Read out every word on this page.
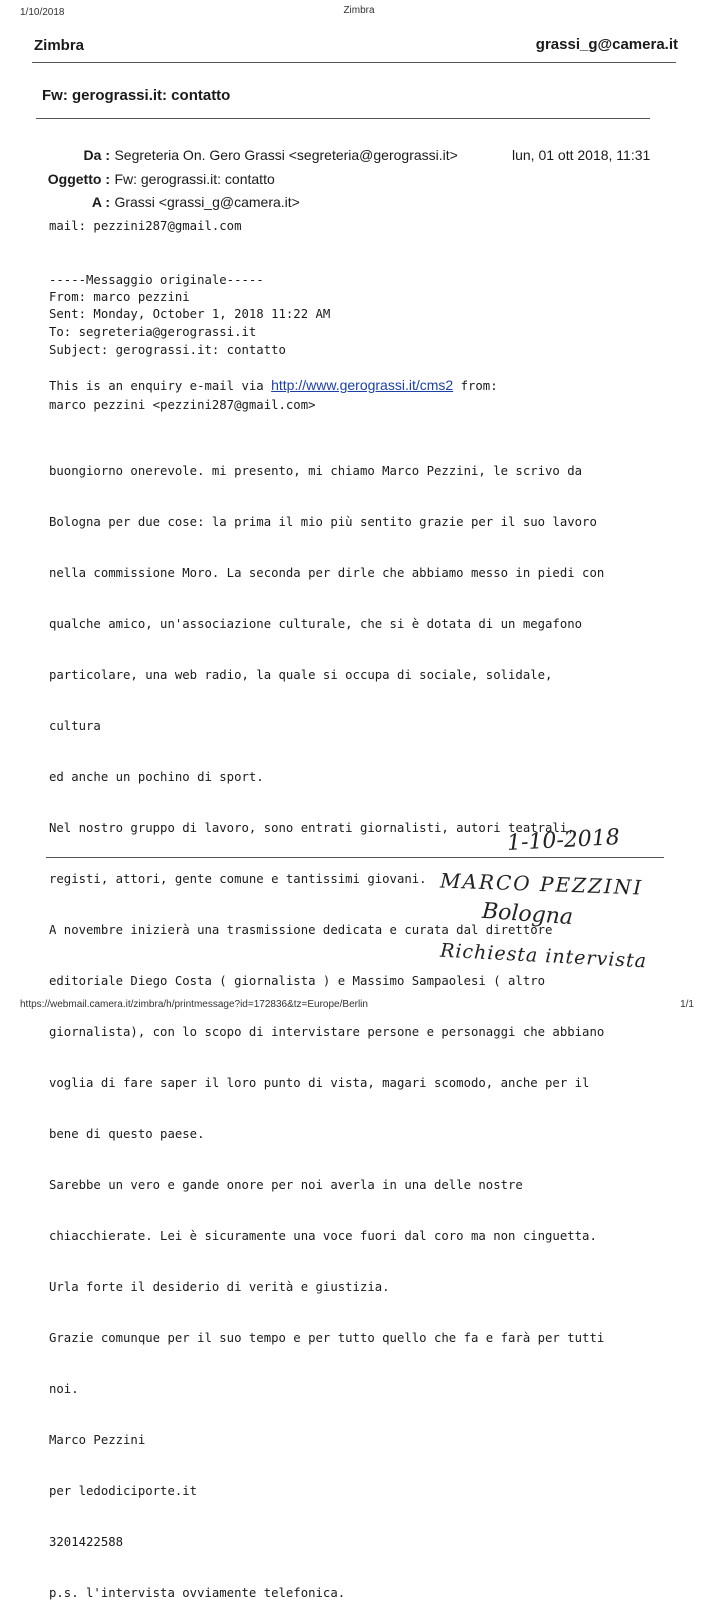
1/10/2018	Zimbra
Zimbra	grassi_g@camera.it
Fw: gerograssi.it: contatto
Da : Segreteria On. Gero Grassi <segreteria@gerograssi.it>	lun, 01 ott 2018, 11:31
Oggetto : Fw: gerograssi.it: contatto
A : Grassi <grassi_g@camera.it>
mail: pezzini287@gmail.com
-----Messaggio originale-----
From: marco pezzini
Sent: Monday, October 1, 2018 11:22 AM
To: segreteria@gerograssi.it
Subject: gerograssi.it: contatto
This is an enquiry e-mail via http://www.gerograssi.it/cms2 from:
marco pezzini <pezzini287@gmail.com>

buongiorno onerevole. mi presento, mi chiamo Marco Pezzini, le scrivo da

Bologna per due cose: la prima il mio più sentito grazie per il suo lavoro

nella commissione Moro. La seconda per dirle che abbiamo messo in piedi con

qualche amico, un'associazione culturale, che si è dotata di un megafono

particolare, una web radio, la quale si occupa di sociale, solidale,

cultura

ed anche un pochino di sport.

Nel nostro gruppo di lavoro, sono entrati giornalisti, autori teatrali,

registi, attori, gente comune e tantissimi giovani.

A novembre inizierà una trasmissione dedicata e curata dal direttore

editoriale Diego Costa ( giornalista ) e Massimo Sampaolesi ( altro

giornalista), con lo scopo di intervistare persone e personaggi che abbiano

voglia di fare saper il loro punto di vista, magari scomodo, anche per il

bene di questo paese.

Sarebbe un vero e gande onore per noi averla in una delle nostre

chiacchierate. Lei è sicuramente una voce fuori dal coro ma non cinguetta.

Urla forte il desiderio di verità e giustizia.

Grazie comunque per il suo tempo e per tutto quello che fa e farà per tutti

noi.

Marco Pezzini

per ledodiciporte.it

3201422588

p.s. l'intervista ovviamente telefonica.

1-10-2018
MARCO PEZZINI
Bologna
Richiesta intervista
https://webmail.camera.it/zimbra/h/printmessage?id=172836&tz=Europe/Berlin	1/1
